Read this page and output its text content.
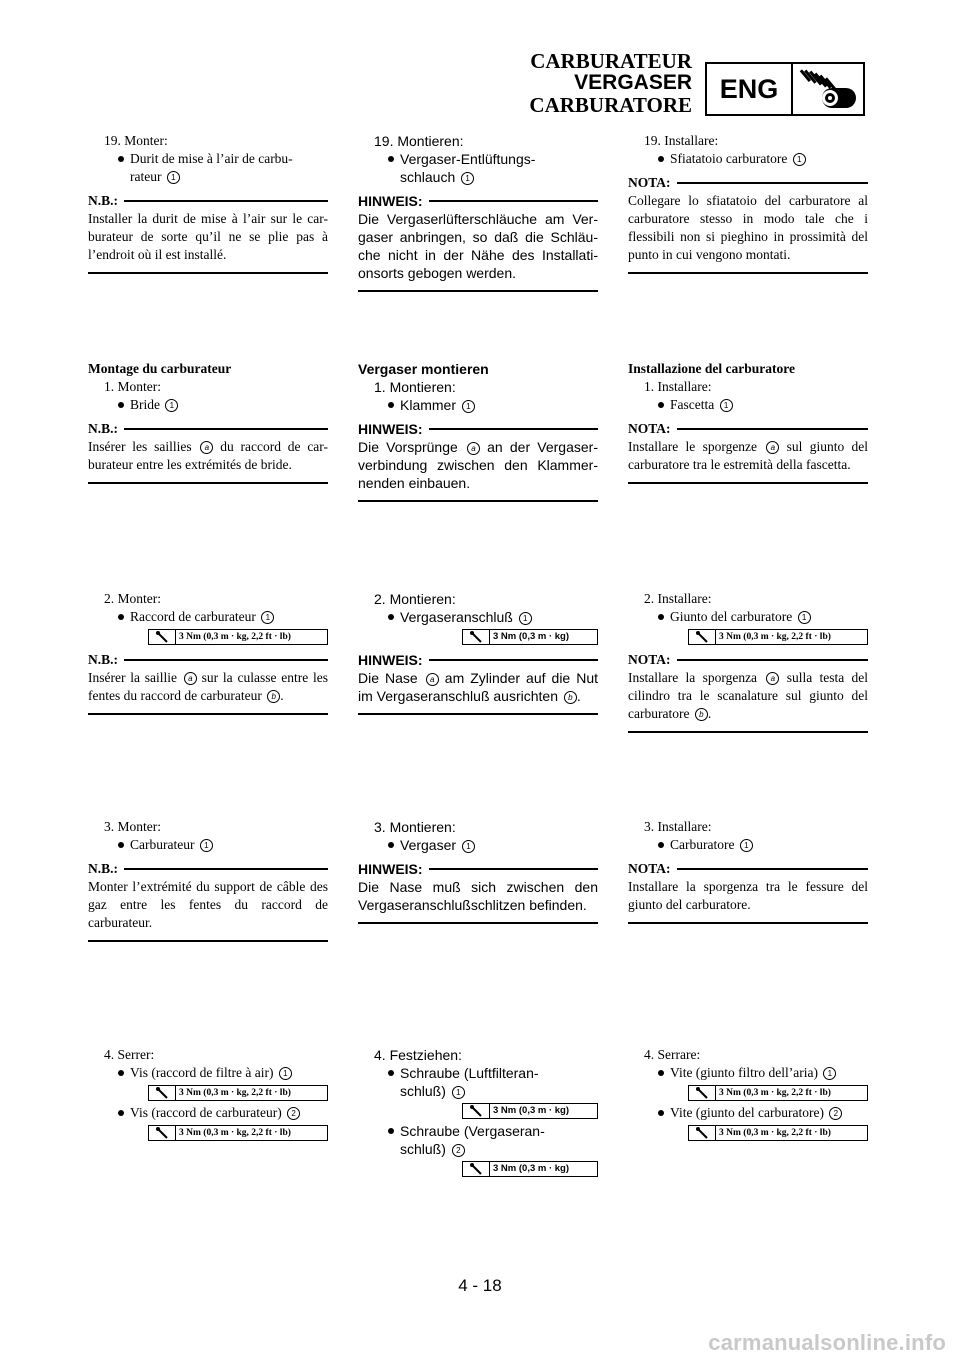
CARBURATEUR
VERGASER
CARBURATORE
ENG
19. Monter:
Durit de mise à l’air de carbu-
rateur 1
N.B.:
Installer la durit de mise à l’air sur le car- burateur de sorte qu’il ne se plie pas à l’endroit où il est installé.
Montage du carburateur
1. Monter:
Bride 1
N.B.:
Insérer les saillies a du raccord de car- burateur entre les extrémités de bride.
2. Monter:
Raccord de carburateur 1
3 Nm (0,3 m · kg, 2,2 ft · lb)
N.B.:
Insérer la saillie a sur la culasse entre les fentes du raccord de carburateur b .
3. Monter:
Carburateur 1
N.B.:
Monter l’extrémité du support de câble des gaz entre les fentes du raccord de carburateur.
4. Serrer:
Vis (raccord de filtre à air) 1
3 Nm (0,3 m · kg, 2,2 ft · lb)
Vis (raccord de carburateur) 2
3 Nm (0,3 m · kg, 2,2 ft · lb)
19. Montieren:
Vergaser-Entlüftungs-
schlauch 1
HINWEIS:
Die Vergaserlüfterschläuche am Ver- gaser anbringen, so daß die Schläu- che nicht in der Nähe des Installati- onsorts gebogen werden.
Vergaser montieren
1. Montieren:
Klammer 1
HINWEIS:
Die Vorsprünge a an der Vergaser- verbindung zwischen den Klammer- nenden einbauen.
2. Montieren:
Vergaseranschluß 1
3 Nm (0,3 m · kg)
HINWEIS:
Die Nase a am Zylinder auf die Nut im Vergaseranschluß ausrichten b .
3. Montieren:
Vergaser 1
HINWEIS:
Die Nase muß sich zwischen den Vergaseranschlußschlitzen befinden.
4. Festziehen:
Schraube (Luftfilteran-
schluß) 1
3 Nm (0,3 m · kg)
Schraube (Vergaseran-
schluß) 2
3 Nm (0,3 m · kg)
19. Installare:
Sfiatatoio carburatore 1
NOTA:
Collegare lo sfiatatoio del carburatore al carburatore stesso in modo tale che i flessibili non si pieghino in prossimità del punto in cui vengono montati.
Installazione del carburatore
1. Installare:
Fascetta 1
NOTA:
Installare le sporgenze a sul giunto del carburatore tra le estremità della fascetta.
2. Installare:
Giunto del carburatore 1
3 Nm (0,3 m · kg, 2,2 ft · lb)
NOTA:
Installare la sporgenza a sulla testa del cilindro tra le scanalature sul giunto del carburatore b .
3. Installare:
Carburatore 1
NOTA:
Installare la sporgenza tra le fessure del giunto del carburatore.
4. Serrare:
Vite (giunto filtro dell’aria) 1
3 Nm (0,3 m · kg, 2,2 ft · lb)
Vite (giunto del carburatore) 2
3 Nm (0,3 m · kg, 2,2 ft · lb)
4 - 18
carmanualsonline.info
